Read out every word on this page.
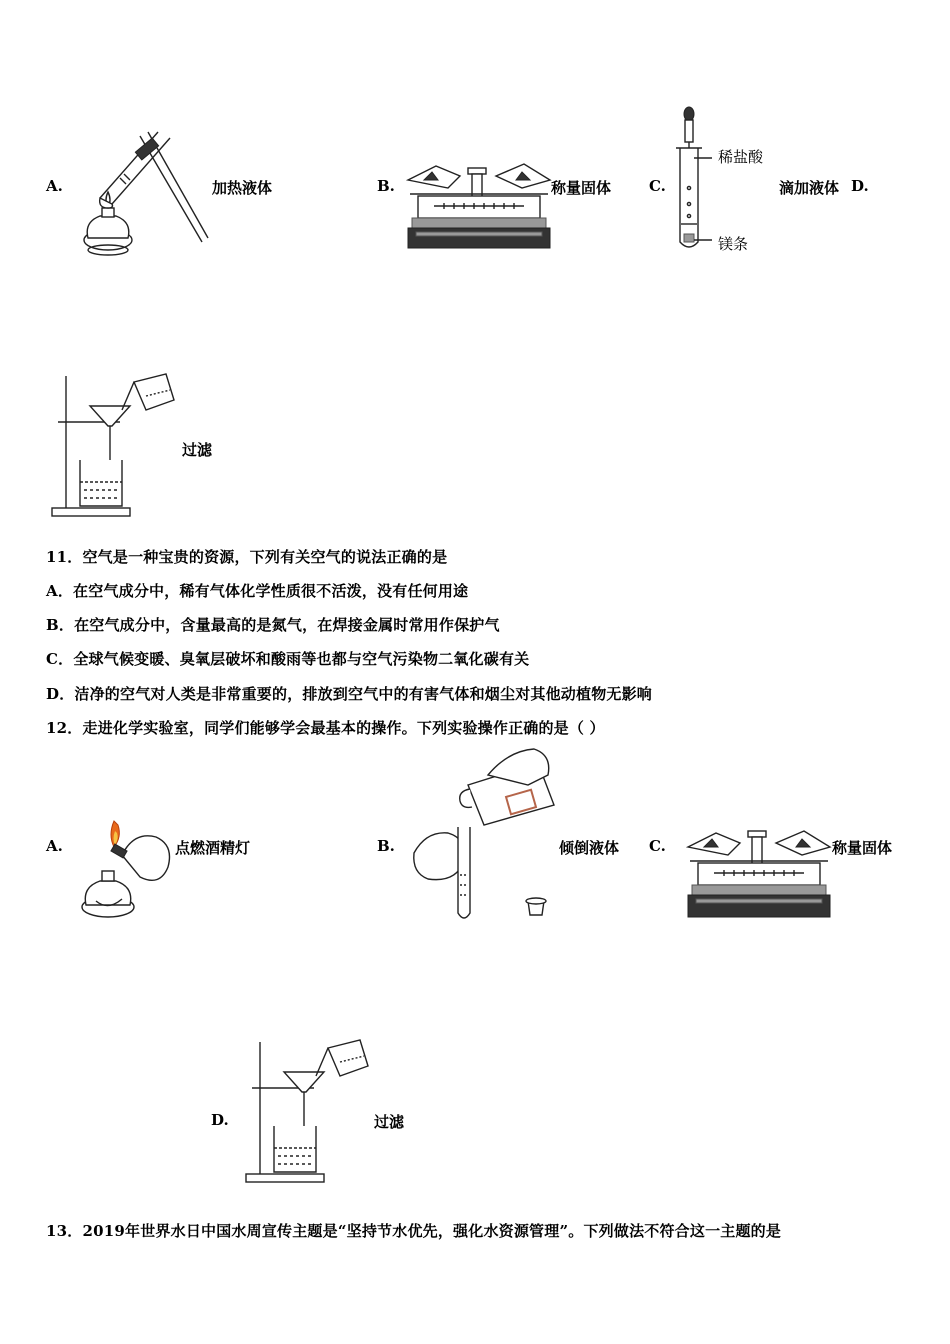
A.	加热液体	B.	称量固体	C.
稀盐酸
镁条
滴加液体 D.
过滤
11．空气是一种宝贵的资源，下列有关空气的说法正确的是
A．在空气成分中，稀有气体化学性质很不活泼，没有任何用途
B．在空气成分中，含量最高的是氮气，在焊接金属时常用作保护气
C．全球气候变暖、臭氧层破坏和酸雨等也都与空气污染物二氧化碳有关
D．洁净的空气对人类是非常重要的，排放到空气中的有害气体和烟尘对其他动植物无影响
12．走进化学实验室，同学们能够学会最基本的操作。下列实验操作正确的是（ ）
A.	点燃酒精灯	B.	倾倒液体 C.	称量固体
D.	过滤
13．2019年世界水日中国水周宣传主题是“坚持节水优先，强化水资源管理”。下列做法不符合这一主题的是
